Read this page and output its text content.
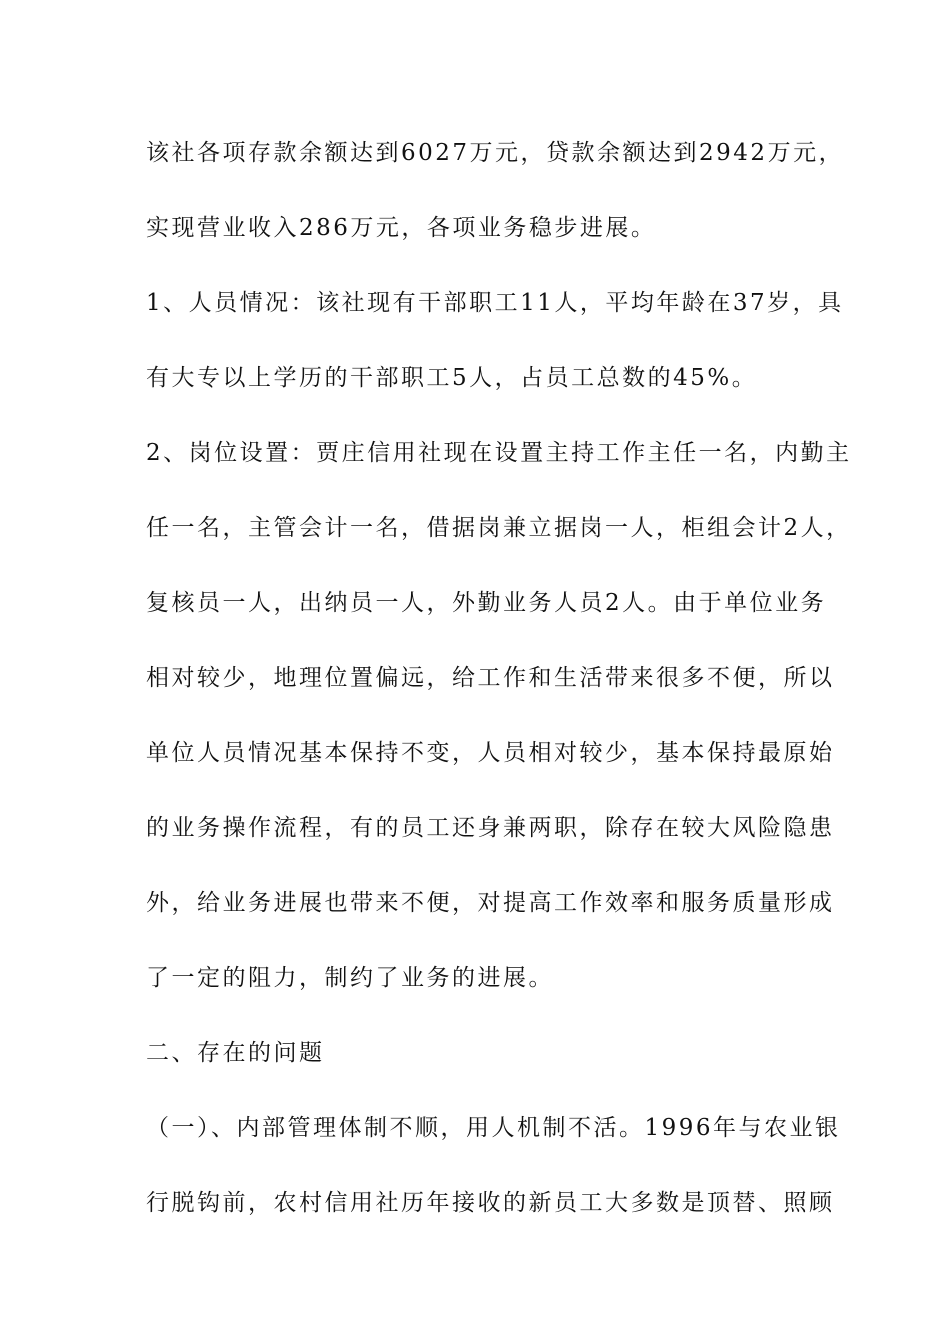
该社各项存款余额达到6027万元，贷款余额达到2942万元，
实现营业收入286万元，各项业务稳步进展。
1、人员情况：该社现有干部职工11人，平均年龄在37岁，具
有大专以上学历的干部职工5人，占员工总数的45%。
2、岗位设置：贾庄信用社现在设置主持工作主任一名，内勤主
任一名，主管会计一名，借据岗兼立据岗一人，柜组会计2人，
复核员一人，出纳员一人，外勤业务人员2人。由于单位业务
相对较少，地理位置偏远，给工作和生活带来很多不便，所以
单位人员情况基本保持不变，人员相对较少，基本保持最原始
的业务操作流程，有的员工还身兼两职，除存在较大风险隐患
外，给业务进展也带来不便，对提高工作效率和服务质量形成
了一定的阻力，制约了业务的进展。
二、存在的问题
（一）、内部管理体制不顺，用人机制不活。1996年与农业银
行脱钩前，农村信用社历年接收的新员工大多数是顶替、照顾
